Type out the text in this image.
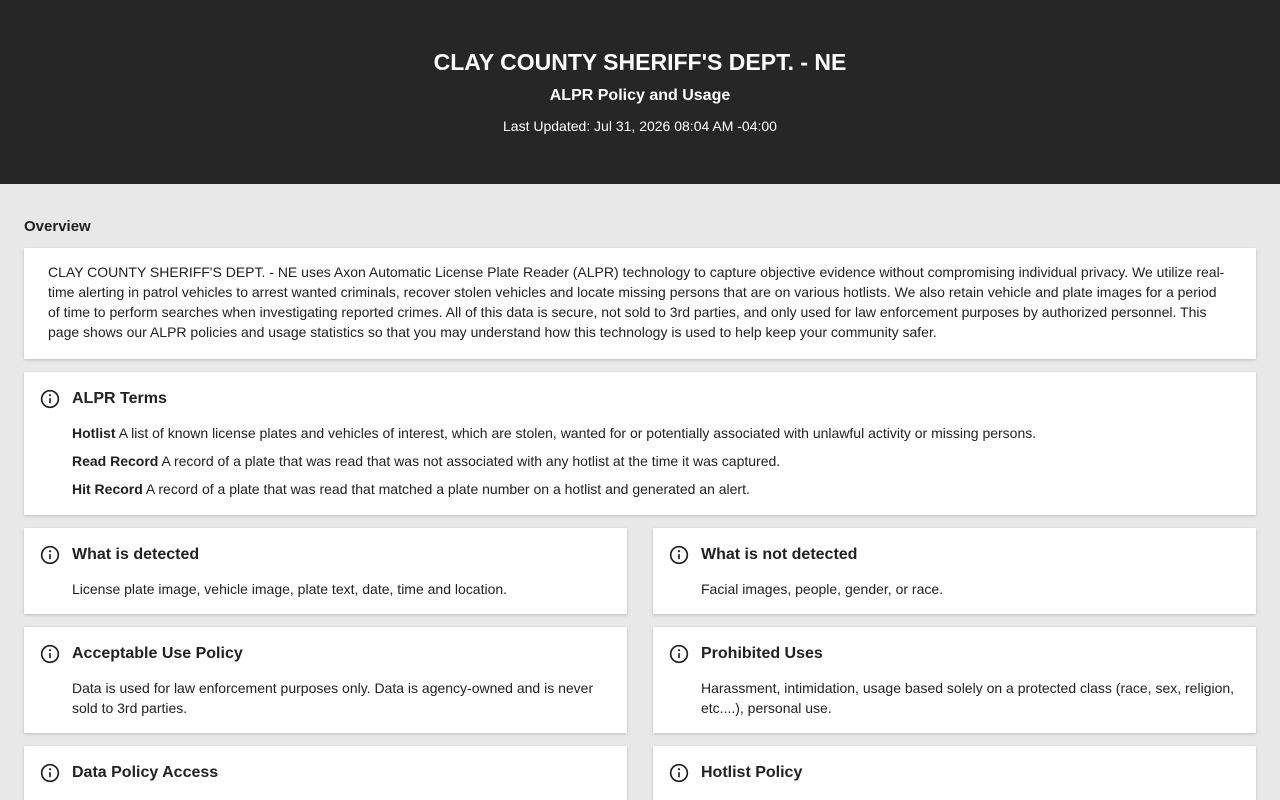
CLAY COUNTY SHERIFF'S DEPT. - NE
ALPR Policy and Usage
Last Updated: Jul 31, 2026 08:04 AM -04:00
Overview
CLAY COUNTY SHERIFF'S DEPT. - NE uses Axon Automatic License Plate Reader (ALPR) technology to capture objective evidence without compromising individual privacy. We utilize real-time alerting in patrol vehicles to arrest wanted criminals, recover stolen vehicles and locate missing persons that are on various hotlists. We also retain vehicle and plate images for a period of time to perform searches when investigating reported crimes. All of this data is secure, not sold to 3rd parties, and only used for law enforcement purposes by authorized personnel. This page shows our ALPR policies and usage statistics so that you may understand how this technology is used to help keep your community safer.
ALPR Terms
Hotlist A list of known license plates and vehicles of interest, which are stolen, wanted for or potentially associated with unlawful activity or missing persons.
Read Record A record of a plate that was read that was not associated with any hotlist at the time it was captured.
Hit Record A record of a plate that was read that matched a plate number on a hotlist and generated an alert.
What is detected
License plate image, vehicle image, plate text, date, time and location.
What is not detected
Facial images, people, gender, or race.
Acceptable Use Policy
Data is used for law enforcement purposes only. Data is agency-owned and is never sold to 3rd parties.
Prohibited Uses
Harassment, intimidation, usage based solely on a protected class (race, sex, religion, etc....), personal use.
Data Policy Access	Hotlist Policy
